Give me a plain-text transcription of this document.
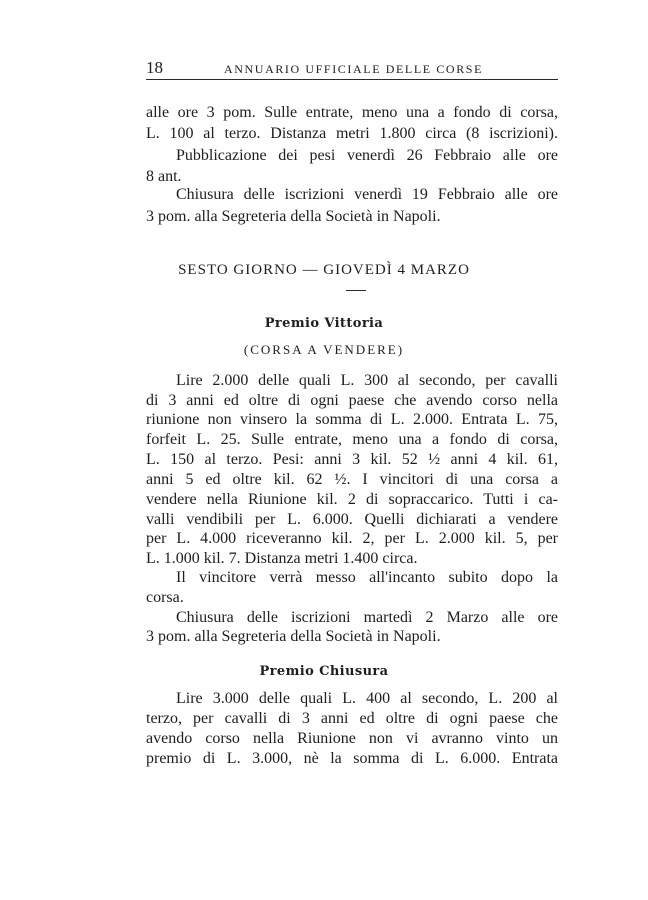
18	ANNUARIO UFFICIALE DELLE CORSE
alle ore 3 pom. Sulle entrate, meno una a fondo di corsa,
L. 100 al terzo. Distanza metri 1.800 circa (8 iscrizioni).
Pubblicazione dei pesi venerdì 26 Febbraio alle ore
8 ant.
Chiusura delle iscrizioni venerdì 19 Febbraio alle ore
3 pom. alla Segreteria della Società in Napoli.
SESTO GIORNO — GIOVEDÌ 4 MARZO
Premio Vittoria
(CORSA A VENDERE)
Lire 2.000 delle quali L. 300 al secondo, per cavalli
di 3 anni ed oltre di ogni paese che avendo corso nella
riunione non vinsero la somma di L. 2.000. Entrata L. 75,
forfeit L. 25. Sulle entrate, meno una a fondo di corsa,
L. 150 al terzo. Pesi: anni 3 kil. 52 ½ anni 4 kil. 61,
anni 5 ed oltre kil. 62 ½. I vincitori di una corsa a
vendere nella Riunione kil. 2 di sopraccarico. Tutti i ca-
valli vendibili per L. 6.000. Quelli dichiarati a vendere
per L. 4.000 riceveranno kil. 2, per L. 2.000 kil. 5, per
L. 1.000 kil. 7. Distanza metri 1.400 circa.
Il vincitore verrà messo all'incanto subito dopo la
corsa.
Chiusura delle iscrizioni martedì 2 Marzo alle ore
3 pom. alla Segreteria della Società in Napoli.
Premio Chiusura
Lire 3.000 delle quali L. 400 al secondo, L. 200 al
terzo, per cavalli di 3 anni ed oltre di ogni paese che
avendo corso nella Riunione non vi avranno vinto un
premio di L. 3.000, nè la somma di L. 6.000. Entrata
